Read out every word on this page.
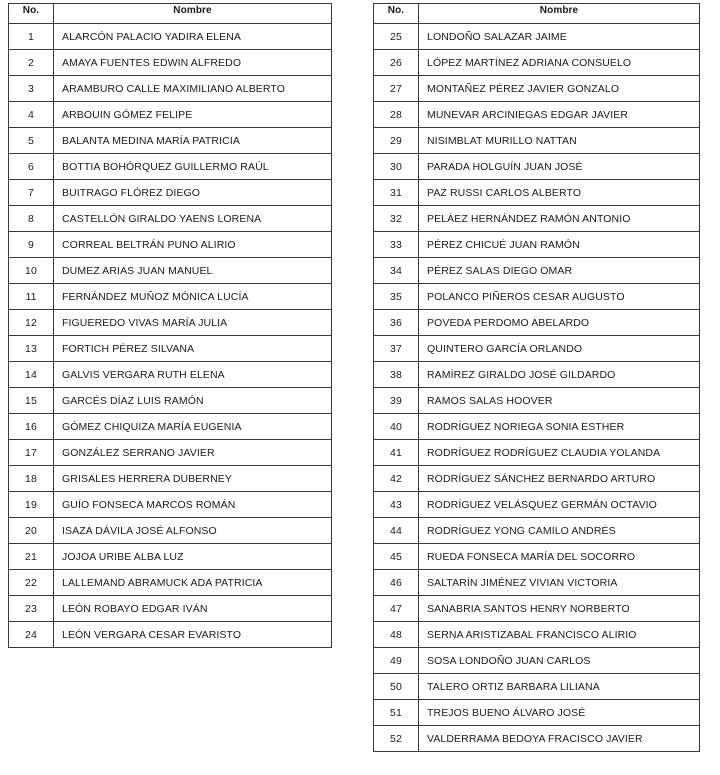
No.	Nombre
1	ALARCÓN PALACIO YADIRA ELENA
2	AMAYA FUENTES EDWIN ALFREDO
3	ARAMBURO CALLE MAXIMILIANO ALBERTO
4	ARBOUIN GÓMEZ FELIPE
5	BALANTA MEDINA MARÍA PATRICIA
6	BOTTIA BOHÓRQUEZ GUILLERMO RAÚL
7	BUITRAGO FLÓREZ DIEGO
8	CASTELLÓN GIRALDO YAENS LORENA
9	CORREAL BELTRÁN PUNO ALIRIO
10	DUMEZ ARIAS JUAN MANUEL
11	FERNÁNDEZ MUÑOZ MÓNICA LUCÍA
12	FIGUEREDO VIVAS MARÍA JULIA
13	FORTICH PÉREZ SILVANA
14	GALVIS VERGARA RUTH ELENA
15	GARCÉS DÍAZ LUIS RAMÓN
16	GÓMEZ CHIQUIZA MARÍA EUGENIA
17	GONZÁLEZ SERRANO JAVIER
18	GRISALES HERRERA DUBERNEY
19	GUÍO FONSECA MARCOS ROMÁN
20	ISAZA DÁVILA JOSÉ ALFONSO
21	JOJOA URIBE ALBA LUZ
22	LALLEMAND ABRAMUCK ADA PATRICIA
23	LEÓN ROBAYO EDGAR IVÁN
24	LEÓN VERGARA CESAR EVARISTO
No.	Nombre
25	LONDOÑO SALAZAR JAIME
26	LÓPEZ MARTÍNEZ ADRIANA CONSUELO
27	MONTAÑEZ PÉREZ JAVIER GONZALO
28	MUNEVAR ARCINIEGAS EDGAR JAVIER
29	NISIMBLAT MURILLO NATTAN
30	PARADA HOLGUÍN JUAN JOSÉ
31	PAZ RUSSI CARLOS ALBERTO
32	PELÁEZ HERNÁNDEZ RAMÓN ANTONIO
33	PÉREZ CHICUÉ JUAN RAMÓN
34	PÉREZ SALAS DIEGO OMAR
35	POLANCO PIÑEROS CESAR AUGUSTO
36	POVEDA PERDOMO ABELARDO
37	QUINTERO GARCÍA ORLANDO
38	RAMÍREZ GIRALDO JOSÉ GILDARDO
39	RAMOS SALAS HOOVER
40	RODRÍGUEZ NORIEGA SONIA ESTHER
41	RODRÍGUEZ RODRÍGUEZ CLAUDIA YOLANDA
42	RODRÍGUEZ SÁNCHEZ BERNARDO ARTURO
43	RODRÍGUEZ VELÁSQUEZ GERMÁN OCTAVIO
44	RODRÍGUEZ YONG CAMILO ANDRÉS
45	RUEDA FONSECA MARÍA DEL SOCORRO
46	SALTARÍN JIMÉNEZ VIVIAN VICTORIA
47	SANABRIA SANTOS HENRY NORBERTO
48	SERNA ARISTIZABAL FRANCISCO ALIRIO
49	SOSA LONDOÑO JUAN CARLOS
50	TALERO ORTIZ BARBARA LILIANA
51	TREJOS BUENO ÁLVARO JOSÉ
52	VALDERRAMA BEDOYA FRACISCO JAVIER
